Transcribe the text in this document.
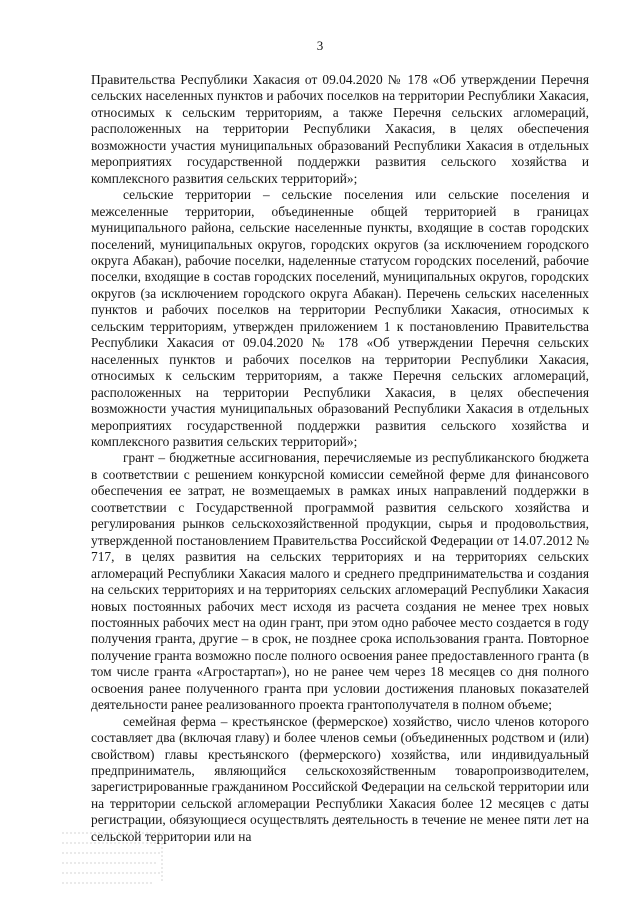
3

Правительства Республики Хакасия от 09.04.2020 № 178 «Об утверждении Перечня сельских населенных пунктов и рабочих поселков на территории Республики Хакасия, относимых к сельским территориям, а также Перечня сельских агломераций, расположенных на территории Республики Хакасия, в целях обеспечения возможности участия муниципальных образований Республики Хакасия в отдельных мероприятиях государственной поддержки развития сельского хозяйства и комплексного развития сельских территорий»;

сельские территории – сельские поселения или сельские поселения и межселенные территории, объединенные общей территорией в границах муниципального района, сельские населенные пункты, входящие в состав городских поселений, муниципальных округов, городских округов (за исключением городского округа Абакан), рабочие поселки, наделенные статусом городских поселений, рабочие поселки, входящие в состав городских поселений, муниципальных округов, городских округов (за исключением городского округа Абакан). Перечень сельских населенных пунктов и рабочих поселков на территории Республики Хакасия, относимых к сельским территориям, утвержден приложением 1 к постановлению Правительства Республики Хакасия от 09.04.2020 № 178 «Об утверждении Перечня сельских населенных пунктов и рабочих поселков на территории Республики Хакасия, относимых к сельским территориям, а также Перечня сельских агломераций, расположенных на территории Республики Хакасия, в целях обеспечения возможности участия муниципальных образований Республики Хакасия в отдельных мероприятиях государственной поддержки развития сельского хозяйства и комплексного развития сельских территорий»;

грант – бюджетные ассигнования, перечисляемые из республиканского бюджета в соответствии с решением конкурсной комиссии семейной ферме для финансового обеспечения ее затрат, не возмещаемых в рамках иных направлений поддержки в соответствии с Государственной программой развития сельского хозяйства и регулирования рынков сельскохозяйственной продукции, сырья и продовольствия, утвержденной постановлением Правительства Российской Федерации от 14.07.2012 № 717, в целях развития на сельских территориях и на территориях сельских агломераций Республики Хакасия малого и среднего предпринимательства и создания на сельских территориях и на территориях сельских агломераций Республики Хакасия новых постоянных рабочих мест исходя из расчета создания не менее трех новых постоянных рабочих мест на один грант, при этом одно рабочее место создается в году получения гранта, другие – в срок, не позднее срока использования гранта. Повторное получение гранта возможно после полного освоения ранее предоставленного гранта (в том числе гранта «Агростартап»), но не ранее чем через 18 месяцев со дня полного освоения ранее полученного гранта при условии достижения плановых показателей деятельности ранее реализованного проекта грантополучателя в полном объеме;

семейная ферма – крестьянское (фермерское) хозяйство, число членов которого составляет два (включая главу) и более членов семьи (объединенных родством и (или) свойством) главы крестьянского (фермерского) хозяйства, или индивидуальный предприниматель, являющийся сельскохозяйственным товаропроизводителем, зарегистрированные гражданином Российской Федерации на сельской территории или на территории сельской агломерации Республики Хакасия более 12 месяцев с даты регистрации, обязующиеся осуществлять деятельность в течение не менее пяти лет на сельской территории или на
